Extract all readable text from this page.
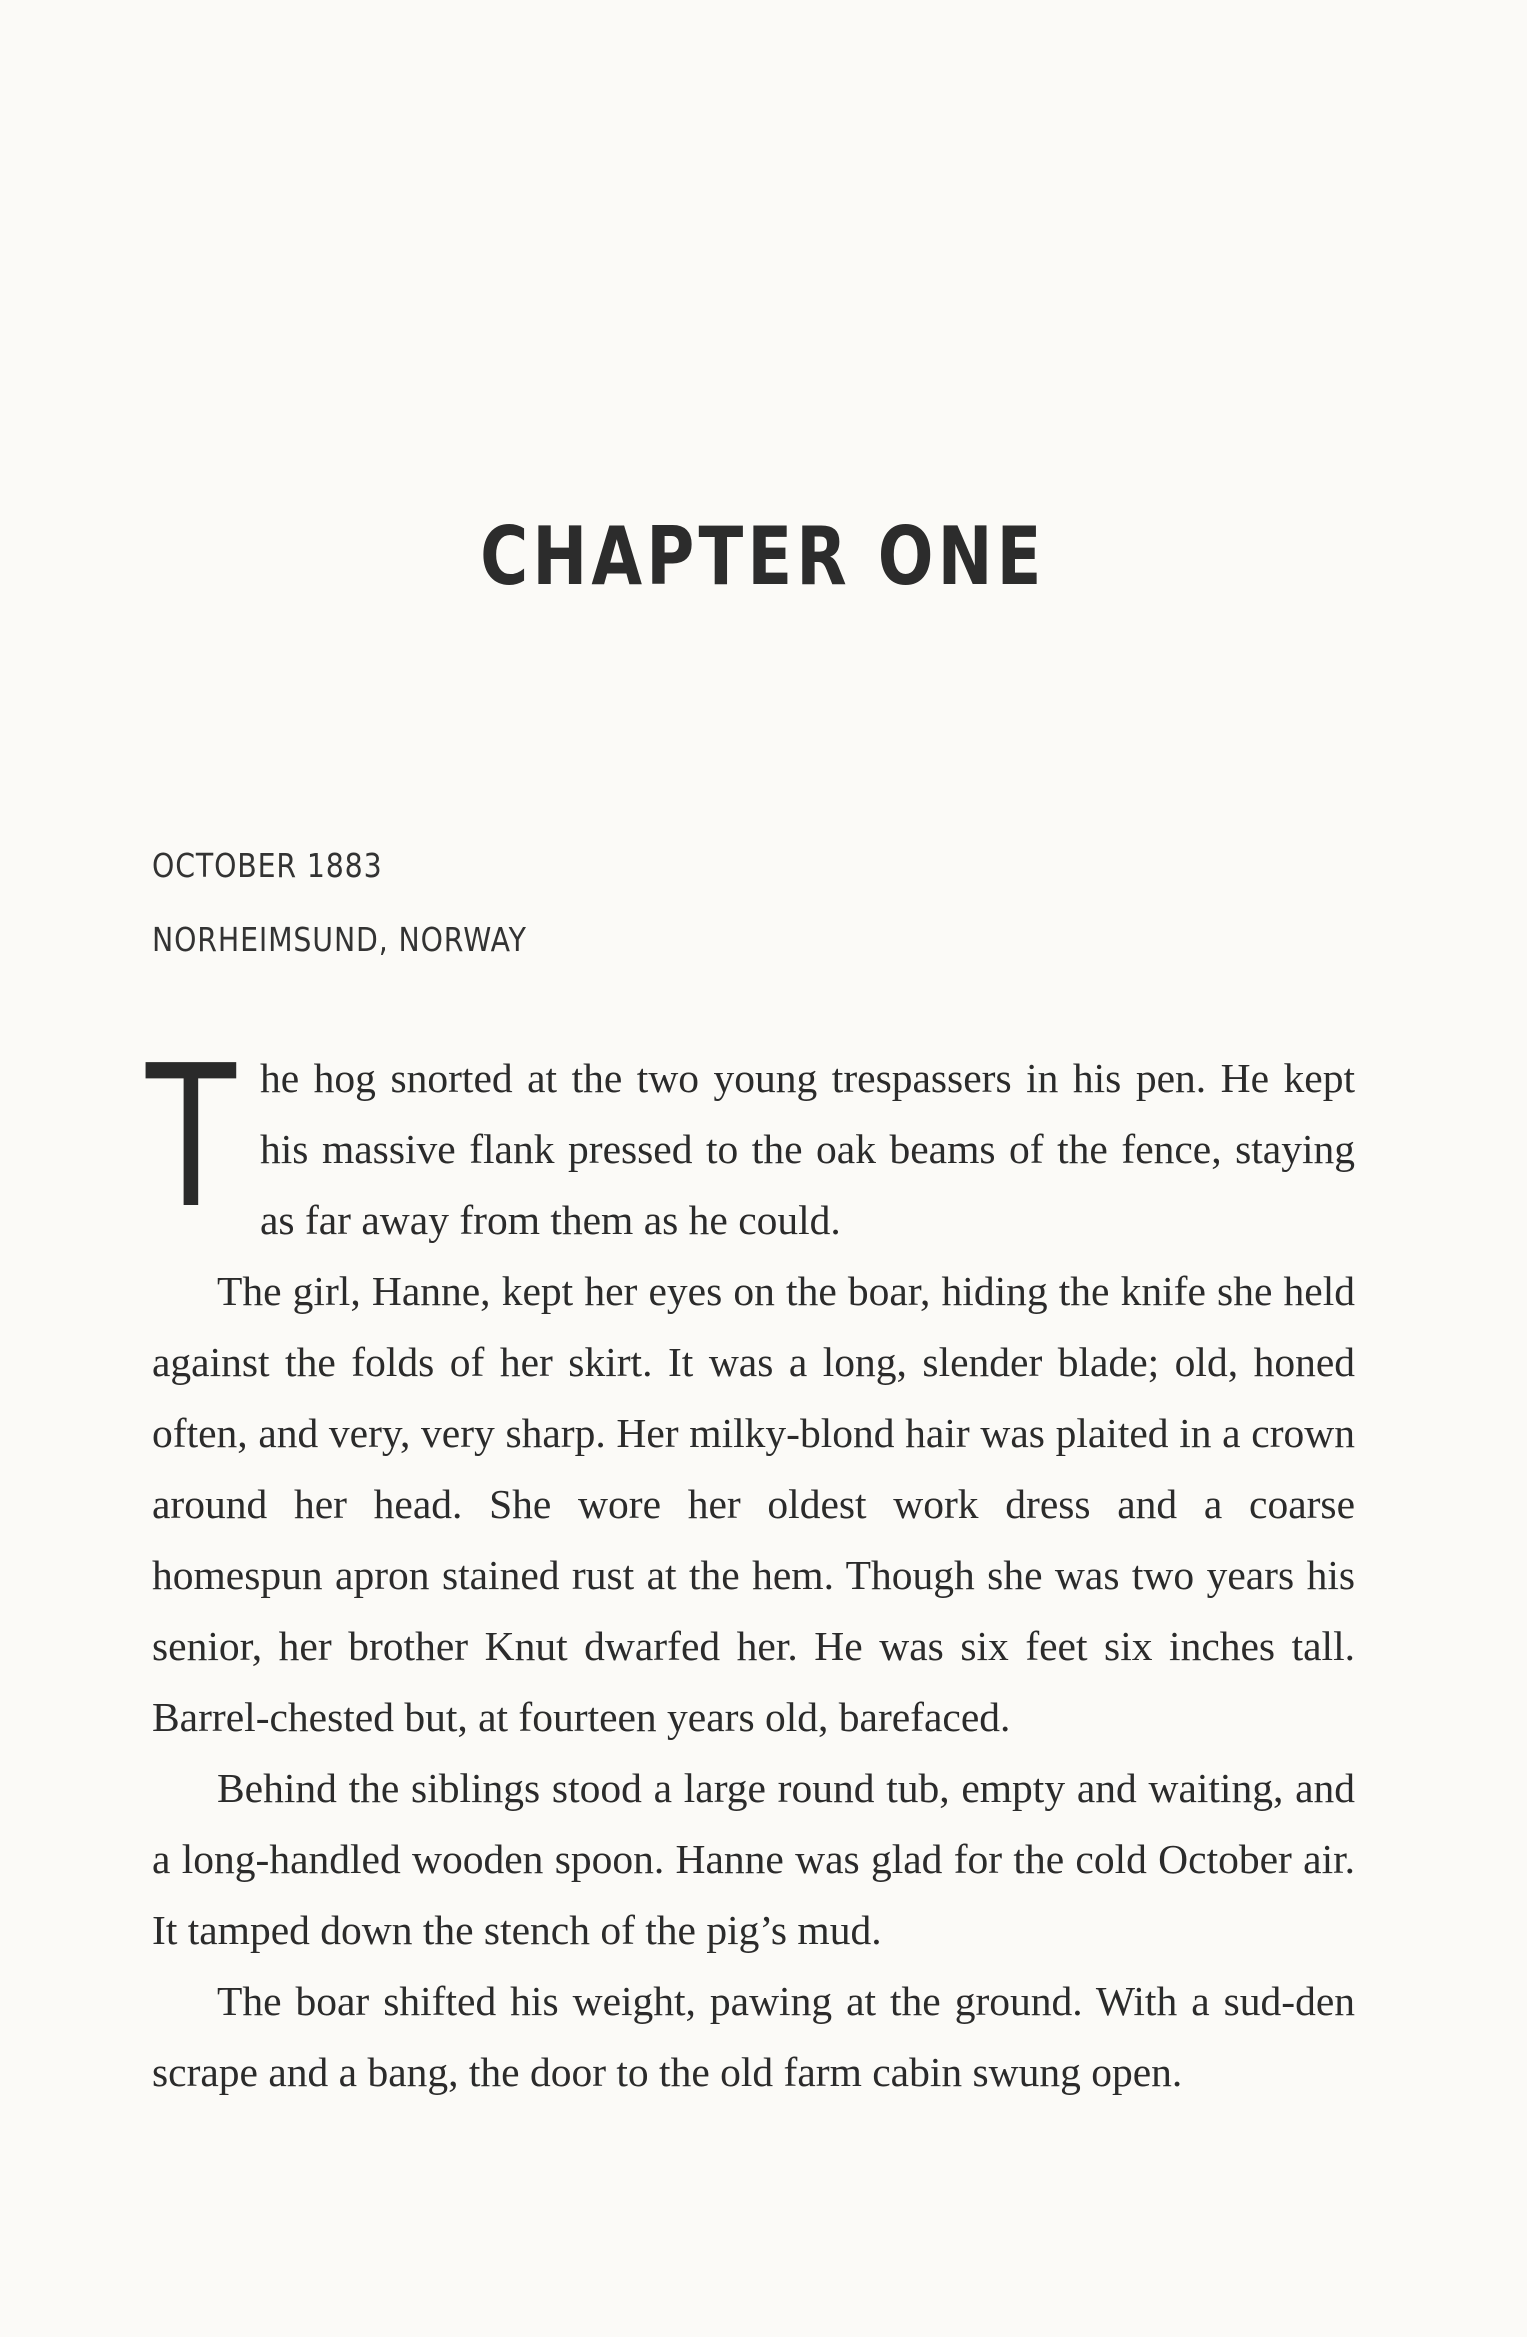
CHAPTER ONE
OCTOBER 1883
NORHEIMSUND, NORWAY

The hog snorted at the two young trespassers in his pen. He kept his massive flank pressed to the oak beams of the fence, staying as far away from them as he could.

The girl, Hanne, kept her eyes on the boar, hiding the knife she held against the folds of her skirt. It was a long, slender blade; old, honed often, and very, very sharp. Her milky-blond hair was plaited in a crown around her head. She wore her oldest work dress and a coarse homespun apron stained rust at the hem. Though she was two years his senior, her brother Knut dwarfed her. He was six feet six inches tall. Barrel-chested but, at fourteen years old, barefaced.

Behind the siblings stood a large round tub, empty and waiting, and a long-handled wooden spoon. Hanne was glad for the cold October air. It tamped down the stench of the pig’s mud.

The boar shifted his weight, pawing at the ground. With a sud-den scrape and a bang, the door to the old farm cabin swung open.
